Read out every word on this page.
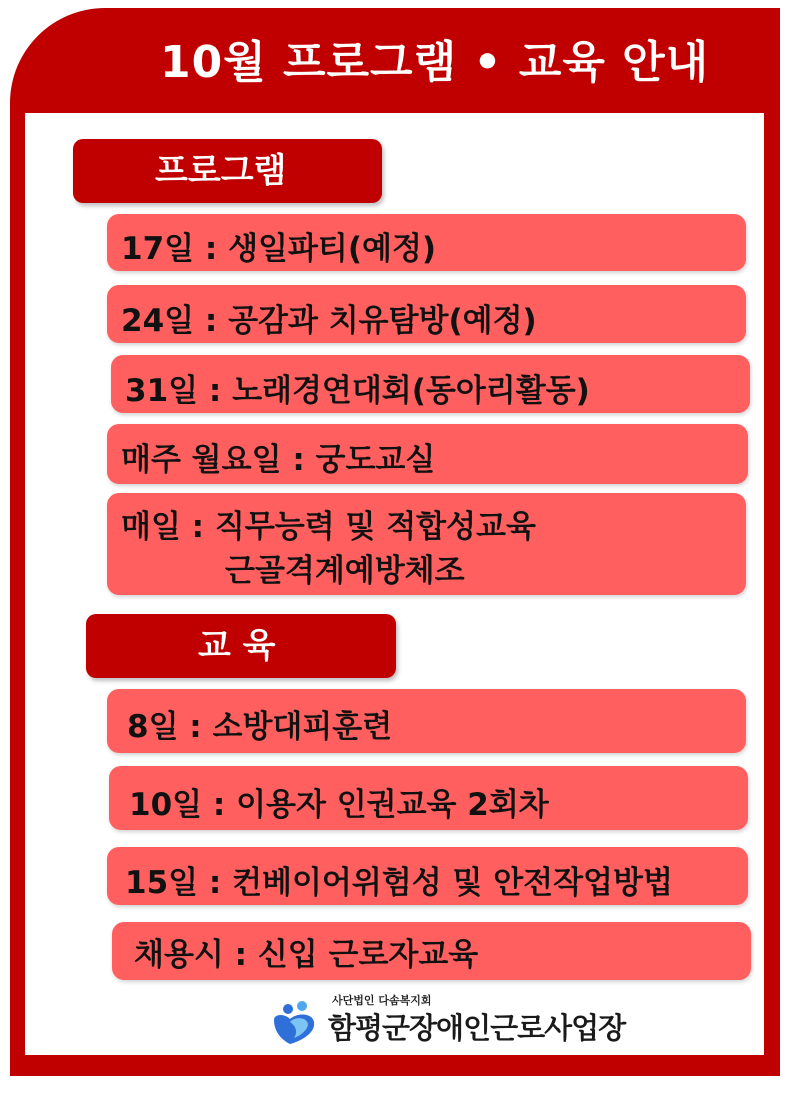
10월 프로그램 • 교육 안내
프로그램
17일 : 생일파티(예정)
24일 : 공감과 치유탐방(예정)
31일 : 노래경연대회(동아리활동)
매주 월요일 : 궁도교실
매일 : 직무능력 및 적합성교육
근골격계예방체조
교 육
8일 : 소방대피훈련
10일 : 이용자 인권교육 2회차
15일 : 컨베이어위험성 및 안전작업방법
채용시 : 신입 근로자교육
사단법인 다솜복지회
함평군장애인근로사업장
